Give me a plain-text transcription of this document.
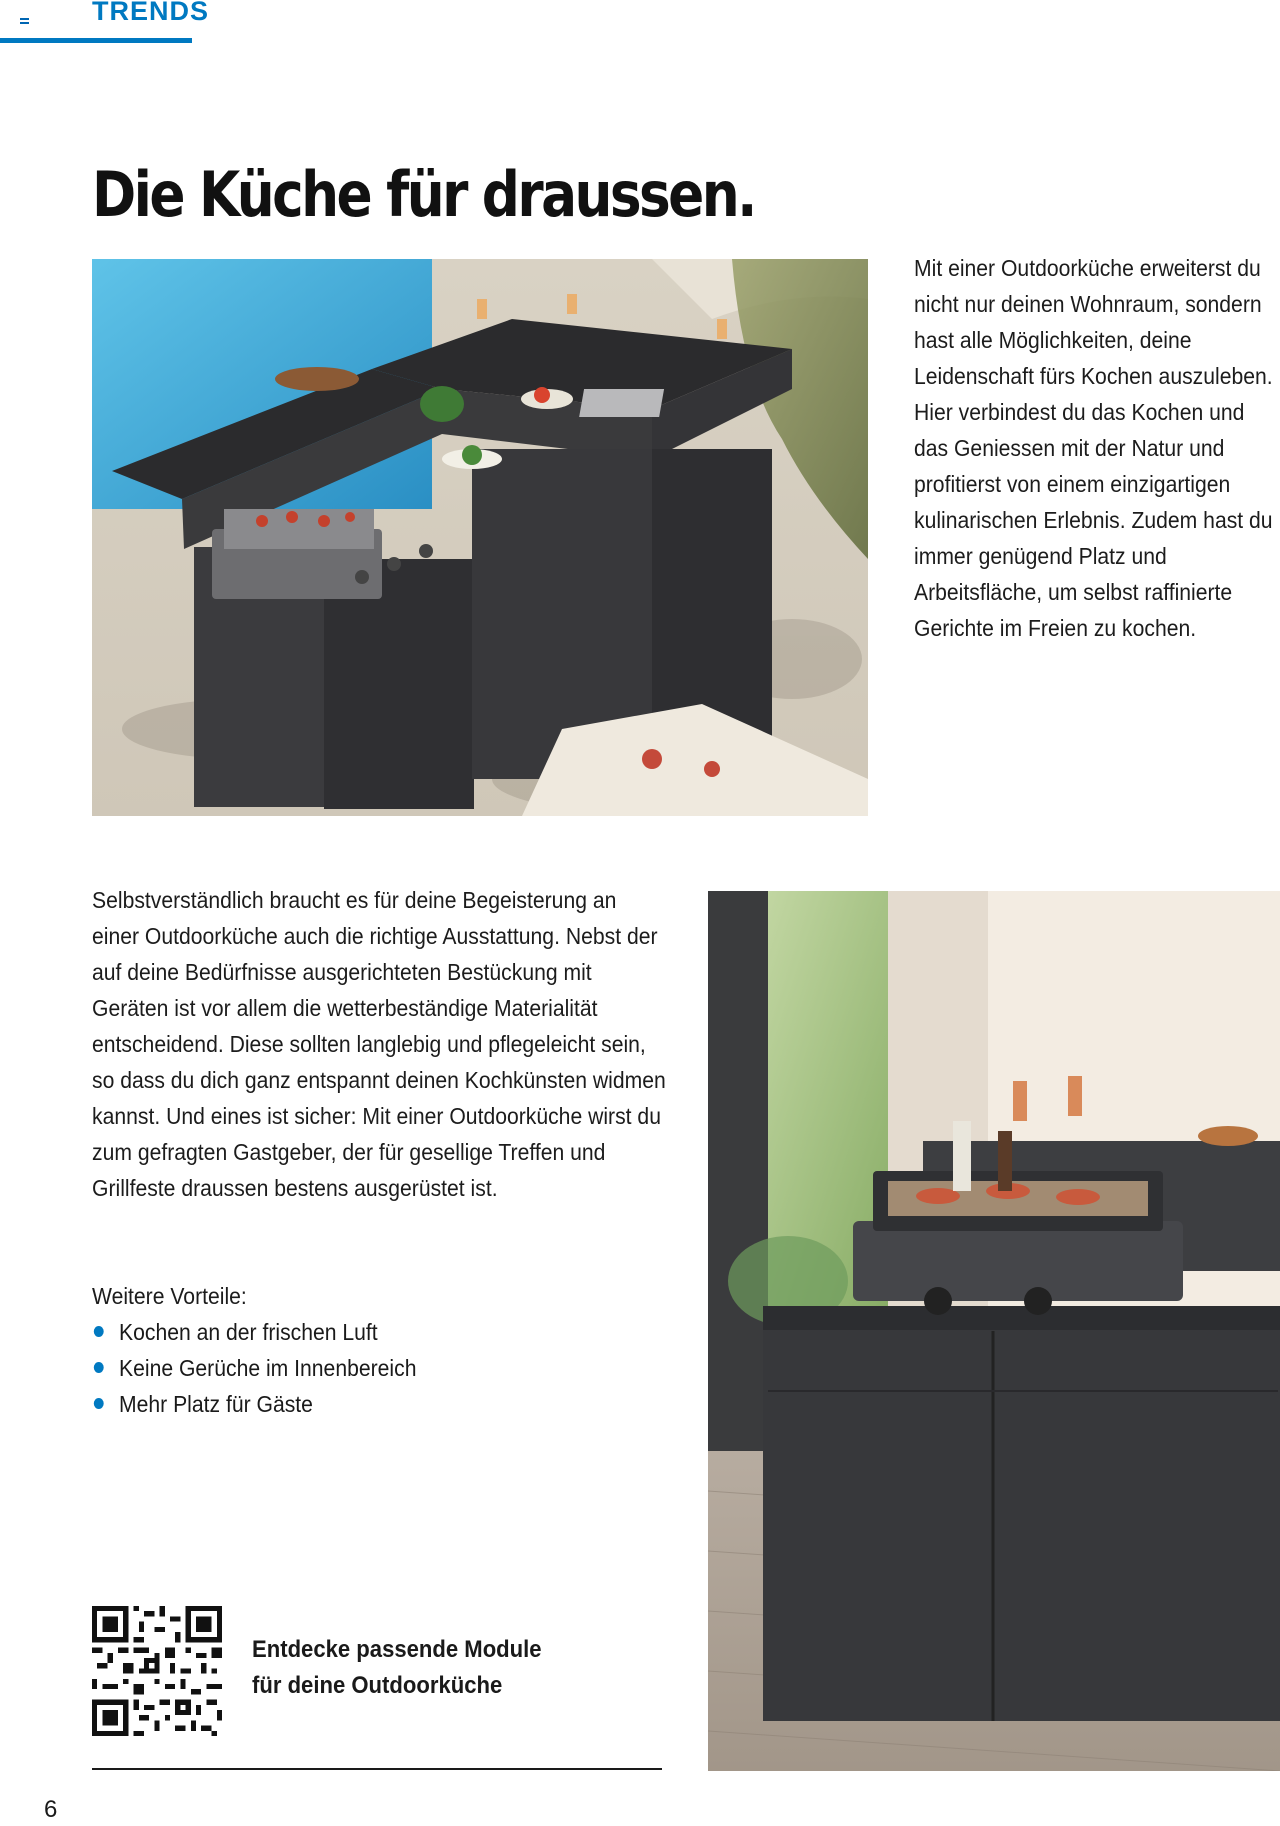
TRENDS
Die Küche für draussen.

Mit einer Outdoorküche erweiterst du nicht nur deinen Wohnraum, sondern hast alle Möglichkeiten, deine Leidenschaft fürs Kochen auszuleben. Hier verbindest du das Kochen und das Geniessen mit der Natur und profitierst von einem einzigartigen kulinarischen Erlebnis. Zudem hast du immer genügend Platz und Arbeitsfläche, um selbst raffinierte Gerichte im Freien zu kochen.

Selbstverständlich braucht es für deine Begeisterung an einer Outdoorküche auch die richtige Ausstattung. Nebst der auf deine Bedürfnisse ausgerichteten Bestückung mit Geräten ist vor allem die wetterbeständige Materialität entscheidend. Diese sollten langlebig und pflegeleicht sein, so dass du dich ganz entspannt deinen Kochkünsten widmen kannst. Und eines ist sicher: Mit einer Outdoorküche wirst du zum gefragten Gastgeber, der für gesellige Treffen und Grillfeste draussen bestens ausgerüstet ist.

Weitere Vorteile:

Kochen an der frischen Luft
Keine Gerüche im Innenbereich
Mehr Platz für Gäste
Entdecke passende Module
für deine Outdoorküche
6
